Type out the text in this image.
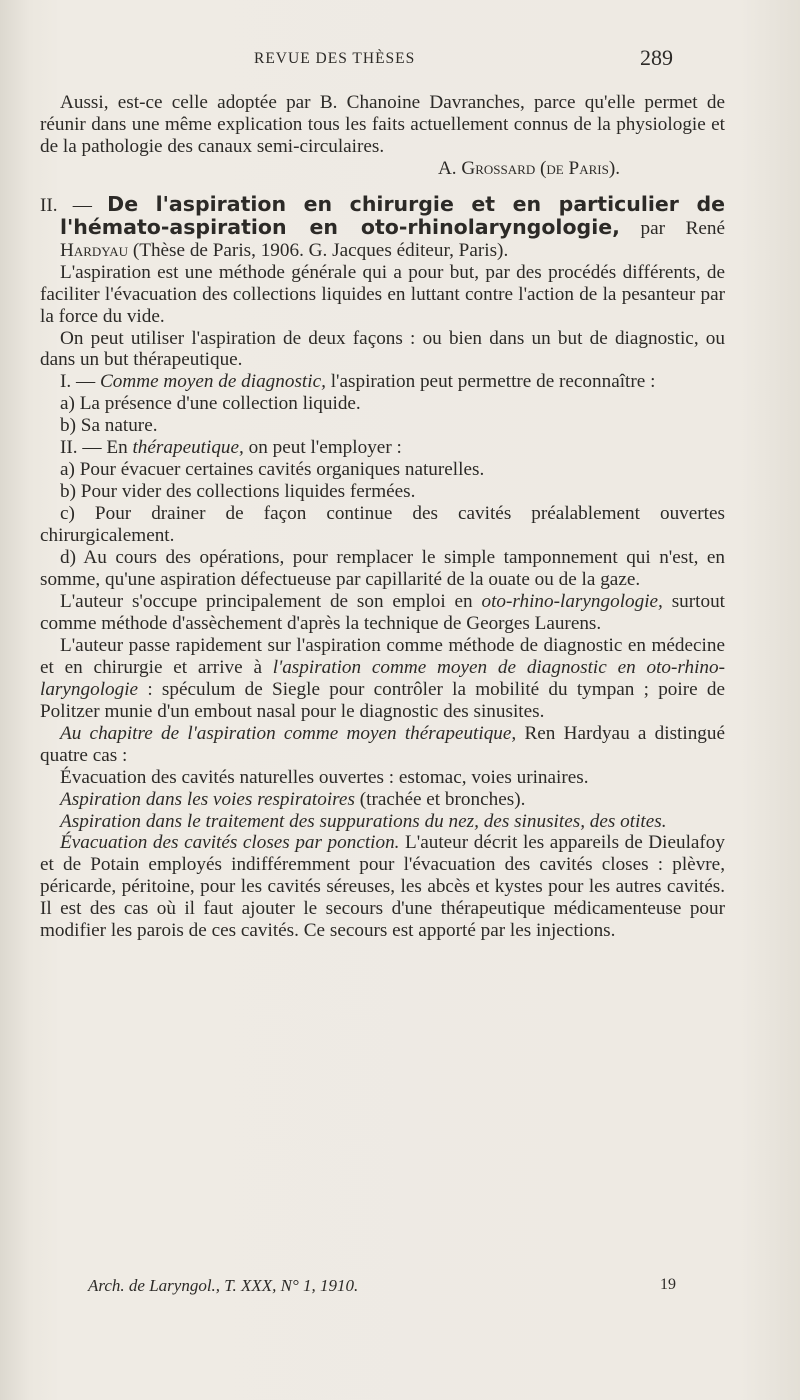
REVUE DES THÈSES	289

Aussi, est-ce celle adoptée par B. Chanoine Davranches, parce qu'elle permet de réunir dans une même explication tous les faits actuellement connus de la physiologie et de la pathologie des canaux semi-circulaires.

A. Grossard (de Paris).

II. — De l'aspiration en chirurgie et en particulier de l'hémato-aspiration en oto-rhinolaryngologie, par René Hardyau (Thèse de Paris, 1906. G. Jacques éditeur, Paris).

L'aspiration est une méthode générale qui a pour but, par des procédés différents, de faciliter l'évacuation des collections liquides en luttant contre l'action de la pesanteur par la force du vide.

On peut utiliser l'aspiration de deux façons : ou bien dans un but de diagnostic, ou dans un but thérapeutique.

I. — Comme moyen de diagnostic, l'aspiration peut permettre de reconnaître :

a) La présence d'une collection liquide.

b) Sa nature.

II. — En thérapeutique, on peut l'employer :

a) Pour évacuer certaines cavités organiques naturelles.

b) Pour vider des collections liquides fermées.

c) Pour drainer de façon continue des cavités préalablement ouvertes chirurgicalement.

d) Au cours des opérations, pour remplacer le simple tamponnement qui n'est, en somme, qu'une aspiration défectueuse par capillarité de la ouate ou de la gaze.

L'auteur s'occupe principalement de son emploi en oto-rhino-laryngologie, surtout comme méthode d'assèchement d'après la technique de Georges Laurens.

L'auteur passe rapidement sur l'aspiration comme méthode de diagnostic en médecine et en chirurgie et arrive à l'aspiration comme moyen de diagnostic en oto-rhino-laryngologie : spéculum de Siegle pour contrôler la mobilité du tympan ; poire de Politzer munie d'un embout nasal pour le diagnostic des sinusites.

Au chapitre de l'aspiration comme moyen thérapeutique, Ren Hardyau a distingué quatre cas :

Évacuation des cavités naturelles ouvertes : estomac, voies urinaires.

Aspiration dans les voies respiratoires (trachée et bronches).

Aspiration dans le traitement des suppurations du nez, des sinusites, des otites.

Évacuation des cavités closes par ponction. L'auteur décrit les appareils de Dieulafoy et de Potain employés indifféremment pour l'évacuation des cavités closes : plèvre, péricarde, péritoine, pour les cavités séreuses, les abcès et kystes pour les autres cavités. Il est des cas où il faut ajouter le secours d'une thérapeutique médicamenteuse pour modifier les parois de ces cavités. Ce secours est apporté par les injections.

Arch. de Laryngol., T. XXX, N° 1, 1910.	19
